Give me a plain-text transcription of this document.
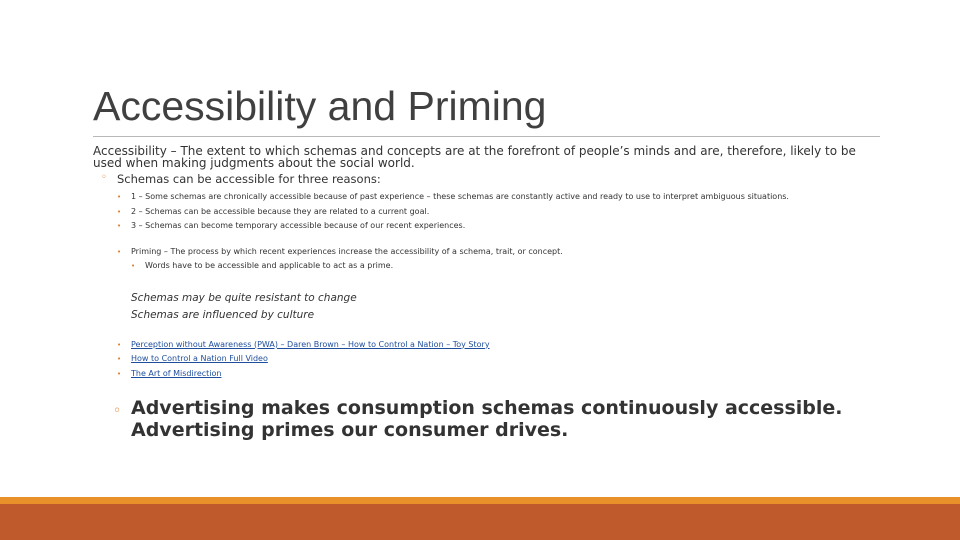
Accessibility and Priming

Accessibility – The extent to which schemas and concepts are at the forefront of people’s minds and are, therefore, likely to be used when making judgments about the social world.

◦ Schemas can be accessible for three reasons:
• 1 – Some schemas are chronically accessible because of past experience – these schemas are constantly active and ready to use to interpret ambiguous situations.
• 2 – Schemas can be accessible because they are related to a current goal.
• 3 – Schemas can become temporary accessible because of our recent experiences.
• Priming – The process by which recent experiences increase the accessibility of a schema, trait, or concept.
• Words have to be accessible and applicable to act as a prime.
Schemas may be quite resistant to change
Schemas are influenced by culture
• Perception without Awareness (PWA) – Daren Brown – How to Control a Nation – Toy Story
• How to Control a Nation Full Video
• The Art of Misdirection
◦ Advertising makes consumption schemas continuously accessible.
Advertising primes our consumer drives.
